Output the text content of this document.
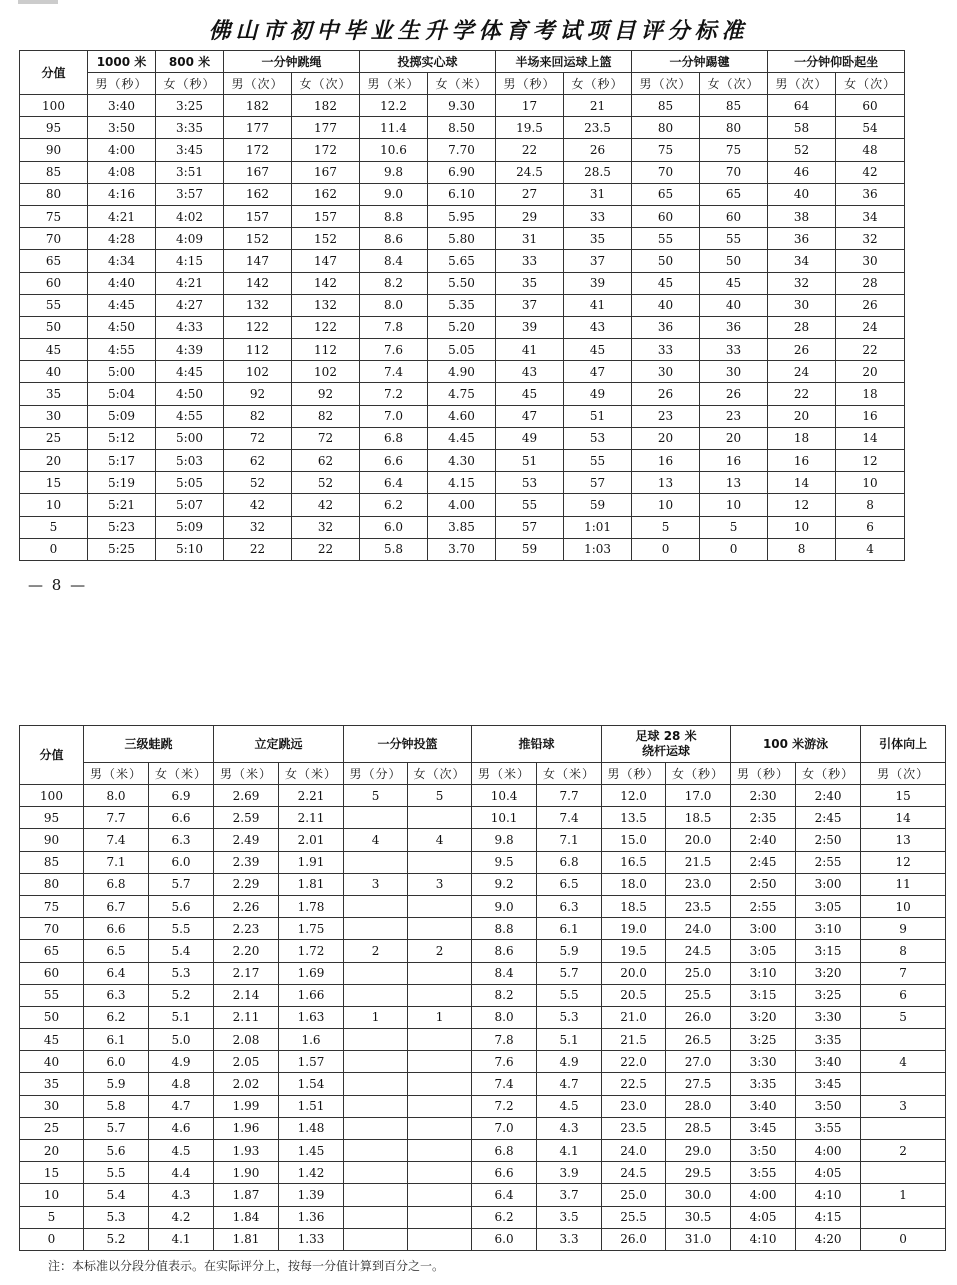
佛山市初中毕业生升学体育考试项目评分标准
分值	1000 米	800 米	一分钟跳绳		投掷实心球		半场来回运球上篮		一分钟踢毽		一分钟仰卧起坐	
	男（秒）	女（秒）	男（次）	女（次）	男（米）	女（米）	男（秒）	女（秒）	男（次）	女（次）	男（次）	女（次）
100	3:40	3:25	182	182	12.2	9.30	17	21	85	85	64	60
95	3:50	3:35	177	177	11.4	8.50	19.5	23.5	80	80	58	54
90	4:00	3:45	172	172	10.6	7.70	22	26	75	75	52	48
85	4:08	3:51	167	167	9.8	6.90	24.5	28.5	70	70	46	42
80	4:16	3:57	162	162	9.0	6.10	27	31	65	65	40	36
75	4:21	4:02	157	157	8.8	5.95	29	33	60	60	38	34
70	4:28	4:09	152	152	8.6	5.80	31	35	55	55	36	32
65	4:34	4:15	147	147	8.4	5.65	33	37	50	50	34	30
60	4:40	4:21	142	142	8.2	5.50	35	39	45	45	32	28
55	4:45	4:27	132	132	8.0	5.35	37	41	40	40	30	26
50	4:50	4:33	122	122	7.8	5.20	39	43	36	36	28	24
45	4:55	4:39	112	112	7.6	5.05	41	45	33	33	26	22
40	5:00	4:45	102	102	7.4	4.90	43	47	30	30	24	20
35	5:04	4:50	92	92	7.2	4.75	45	49	26	26	22	18
30	5:09	4:55	82	82	7.0	4.60	47	51	23	23	20	16
25	5:12	5:00	72	72	6.8	4.45	49	53	20	20	18	14
20	5:17	5:03	62	62	6.6	4.30	51	55	16	16	16	12
15	5:19	5:05	52	52	6.4	4.15	53	57	13	13	14	10
10	5:21	5:07	42	42	6.2	4.00	55	59	10	10	12	8
5	5:23	5:09	32	32	6.0	3.85	57	1:01	5	5	10	6
0	5:25	5:10	22	22	5.8	3.70	59	1:03	0	0	8	4
— 8 —
分值	三级蛙跳		立定跳远		一分钟投篮		推铅球		足球 28 米
绕杆运球		100 米游泳		引体向上
	男（米）	女（米）	男（米）	女（米）	男（分）	女（次）	男（米）	女（米）	男（秒）	女（秒）	男（秒）	女（秒）	男（次）
100	8.0	6.9	2.69	2.21	5	5	10.4	7.7	12.0	17.0	2:30	2:40	15
95	7.7	6.6	2.59	2.11			10.1	7.4	13.5	18.5	2:35	2:45	14
90	7.4	6.3	2.49	2.01	4	4	9.8	7.1	15.0	20.0	2:40	2:50	13
85	7.1	6.0	2.39	1.91			9.5	6.8	16.5	21.5	2:45	2:55	12
80	6.8	5.7	2.29	1.81	3	3	9.2	6.5	18.0	23.0	2:50	3:00	11
75	6.7	5.6	2.26	1.78			9.0	6.3	18.5	23.5	2:55	3:05	10
70	6.6	5.5	2.23	1.75			8.8	6.1	19.0	24.0	3:00	3:10	9
65	6.5	5.4	2.20	1.72	2	2	8.6	5.9	19.5	24.5	3:05	3:15	8
60	6.4	5.3	2.17	1.69			8.4	5.7	20.0	25.0	3:10	3:20	7
55	6.3	5.2	2.14	1.66			8.2	5.5	20.5	25.5	3:15	3:25	6
50	6.2	5.1	2.11	1.63	1	1	8.0	5.3	21.0	26.0	3:20	3:30	5
45	6.1	5.0	2.08	1.6			7.8	5.1	21.5	26.5	3:25	3:35	
40	6.0	4.9	2.05	1.57			7.6	4.9	22.0	27.0	3:30	3:40	4
35	5.9	4.8	2.02	1.54			7.4	4.7	22.5	27.5	3:35	3:45	
30	5.8	4.7	1.99	1.51			7.2	4.5	23.0	28.0	3:40	3:50	3
25	5.7	4.6	1.96	1.48			7.0	4.3	23.5	28.5	3:45	3:55	
20	5.6	4.5	1.93	1.45			6.8	4.1	24.0	29.0	3:50	4:00	2
15	5.5	4.4	1.90	1.42			6.6	3.9	24.5	29.5	3:55	4:05	
10	5.4	4.3	1.87	1.39			6.4	3.7	25.0	30.0	4:00	4:10	1
5	5.3	4.2	1.84	1.36			6.2	3.5	25.5	30.5	4:05	4:15	
0	5.2	4.1	1.81	1.33			6.0	3.3	26.0	31.0	4:10	4:20	0
注：本标准以分段分值表示。在实际评分上，按每一分值计算到百分之一。
